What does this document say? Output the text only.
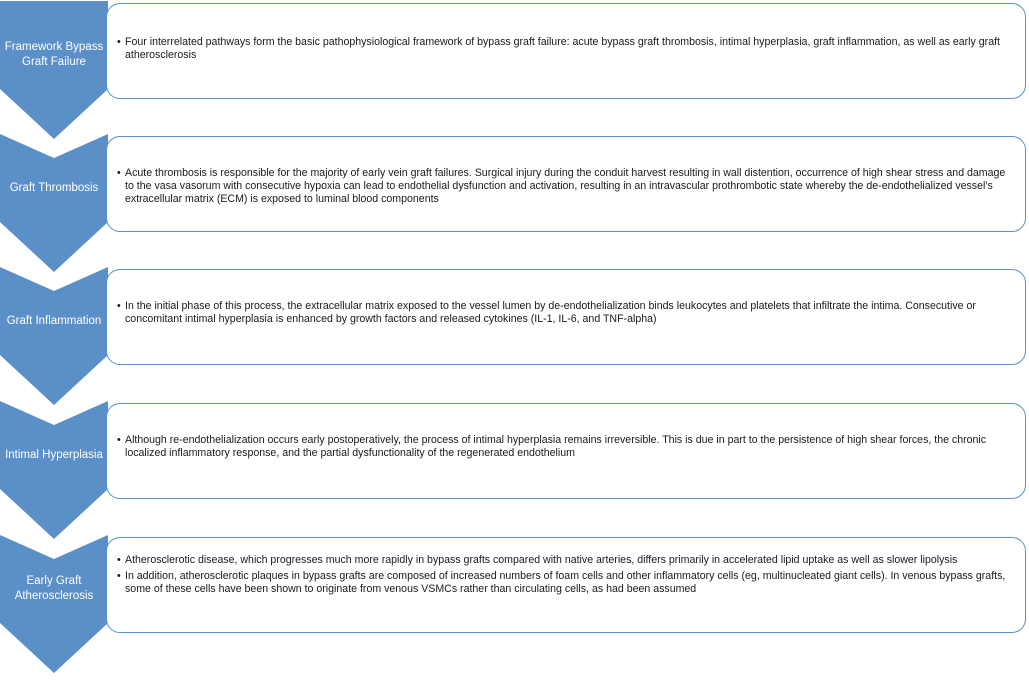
Framework Bypass Graft Failure
• Four interrelated pathways form the basic pathophysiological framework of bypass graft failure: acute bypass graft thrombosis, intimal hyperplasia, graft inflammation, as well as early graft atherosclerosis
Graft Thrombosis
• Acute thrombosis is responsible for the majority of early vein graft failures. Surgical injury during the conduit harvest resulting in wall distention, occurrence of high shear stress and damage to the vasa vasorum with consecutive hypoxia can lead to endothelial dysfunction and activation, resulting in an intravascular prothrombotic state whereby the de-endothelialized vessel’s extracellular matrix (ECM) is exposed to luminal blood components
Graft Inflammation
• In the initial phase of this process, the extracellular matrix exposed to the vessel lumen by de-endothelialization binds leukocytes and platelets that infiltrate the intima. Consecutive or concomitant intimal hyperplasia is enhanced by growth factors and released cytokines (IL-1, IL-6, and TNF-alpha)
Intimal Hyperplasia
• Although re-endothelialization occurs early postoperatively, the process of intimal hyperplasia remains irreversible. This is due in part to the persistence of high shear forces, the chronic localized inflammatory response, and the partial dysfunctionality of the regenerated endothelium
Early Graft Atherosclerosis
• Atherosclerotic disease, which progresses much more rapidly in bypass grafts compared with native arteries, differs primarily in accelerated lipid uptake as well as slower lipolysis
• In addition, atherosclerotic plaques in bypass grafts are composed of increased numbers of foam cells and other inflammatory cells (eg, multinucleated giant cells). In venous bypass grafts, some of these cells have been shown to originate from venous VSMCs rather than circulating cells, as had been assumed
